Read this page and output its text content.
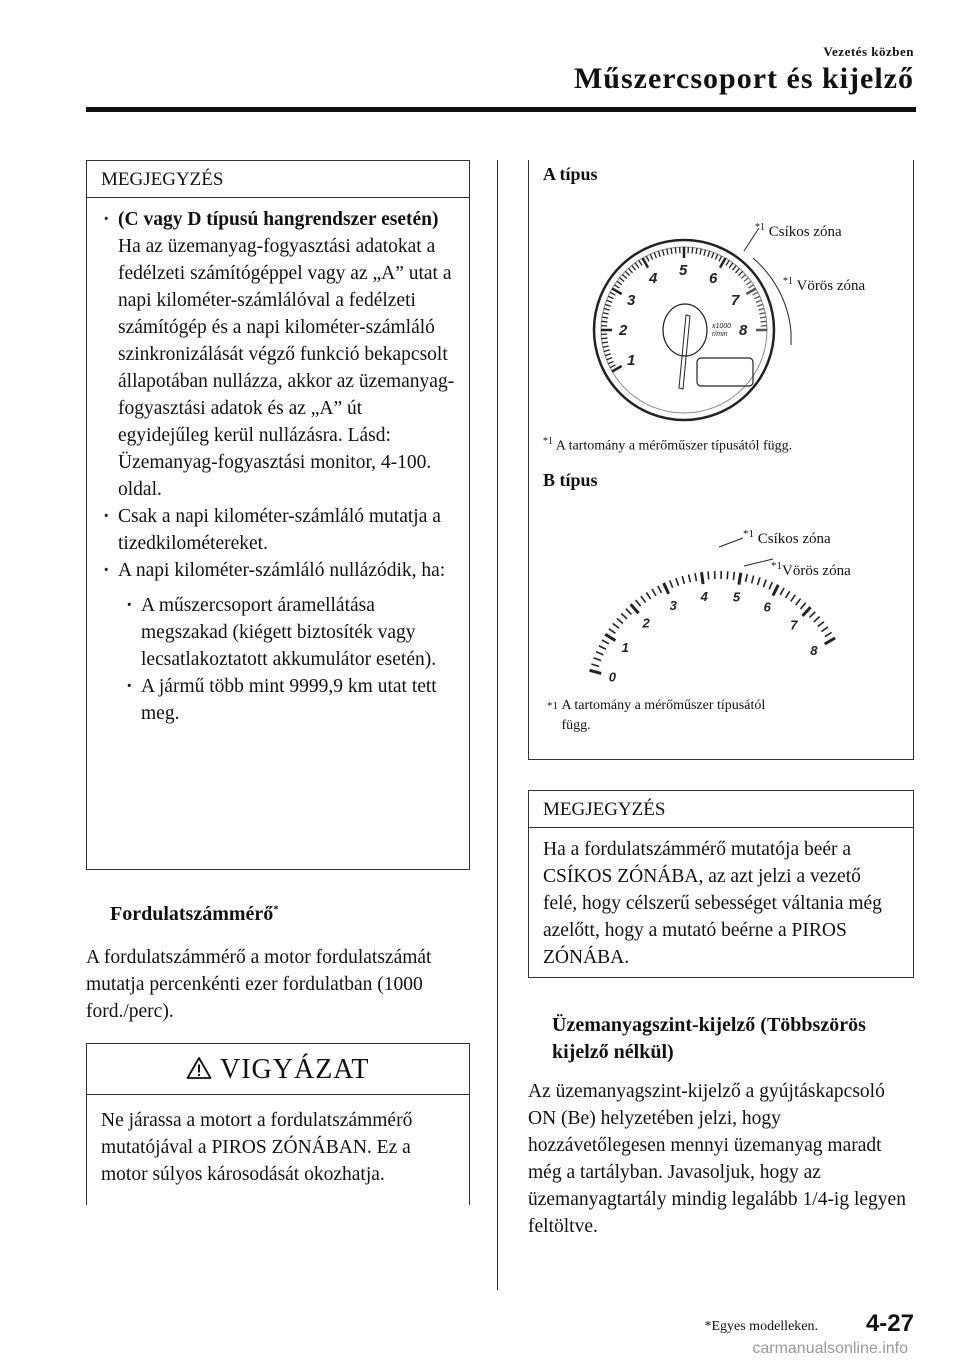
Vezetés közben
Műszercsoport és kijelző
MEGJEGYZÉS
· (C vagy D típusú hangrendszer esetén)
Ha az üzemanyag-fogyasztási adatokat a fedélzeti számítógéppel vagy az „A” utat a napi kilométer-számlálóval a fedélzeti számítógép és a napi kilométer-számláló szinkronizálását végző funkció bekapcsolt állapotában nullázza, akkor az üzemanyag-fogyasztási adatok és az „A” út egyidejűleg kerül nullázásra. Lásd: Üzemanyag-fogyasztási monitor, 4-100. oldal.
· Csak a napi kilométer-számláló mutatja a tizedkilométereket.
· A napi kilométer-számláló nullázódik, ha:
· A műszercsoport áramellátása megszakad (kiégett biztosíték vagy lecsatlakoztatott akkumulátor esetén).
· A jármű több mint 9999,9 km utat tett meg.
Fordulatszámmérő*
A fordulatszámmérő a motor fordulatszámát mutatja percenkénti ezer fordulatban (1000 ford./perc).
VIGYÁZAT
Ne járassa a motort a fordulatszámmérő mutatójával a PIROS ZÓNÁBAN. Ez a motor súlyos károsodását okozhatja.
A típus
1
2
3
4 5 6
7
8
x1000
r/min
$^{*1}$ Csíkos zóna
$^{*1}$ Vörös zóna
$^{*1}$ A tartomány a mérőműszer típusától függ.
B típus
0
1
2
3
4 5
6
7
8
$^{*1}$ Csíkos zóna
$^{*1}$Vörös zóna
$^{*1}$ A tartomány a mérőműszer típusától függ.
MEGJEGYZÉS
Ha a fordulatszámmérő mutatója beér a CSÍKOS ZÓNÁBA, az azt jelzi a vezető felé, hogy célszerű sebességet váltania még azelőtt, hogy a mutató beérne a PIROS ZÓNÁBA.
Üzemanyagszint-kijelző (Többszörös kijelző nélkül)
Az üzemanyagszint-kijelző a gyújtáskapcsoló ON (Be) helyzetében jelzi, hogy hozzávetőlegesen mennyi üzemanyag maradt még a tartályban. Javasoljuk, hogy az üzemanyagtartály mindig legalább 1/4-ig legyen feltöltve.
*Egyes modelleken. 4-27
carmanualsonline.info
